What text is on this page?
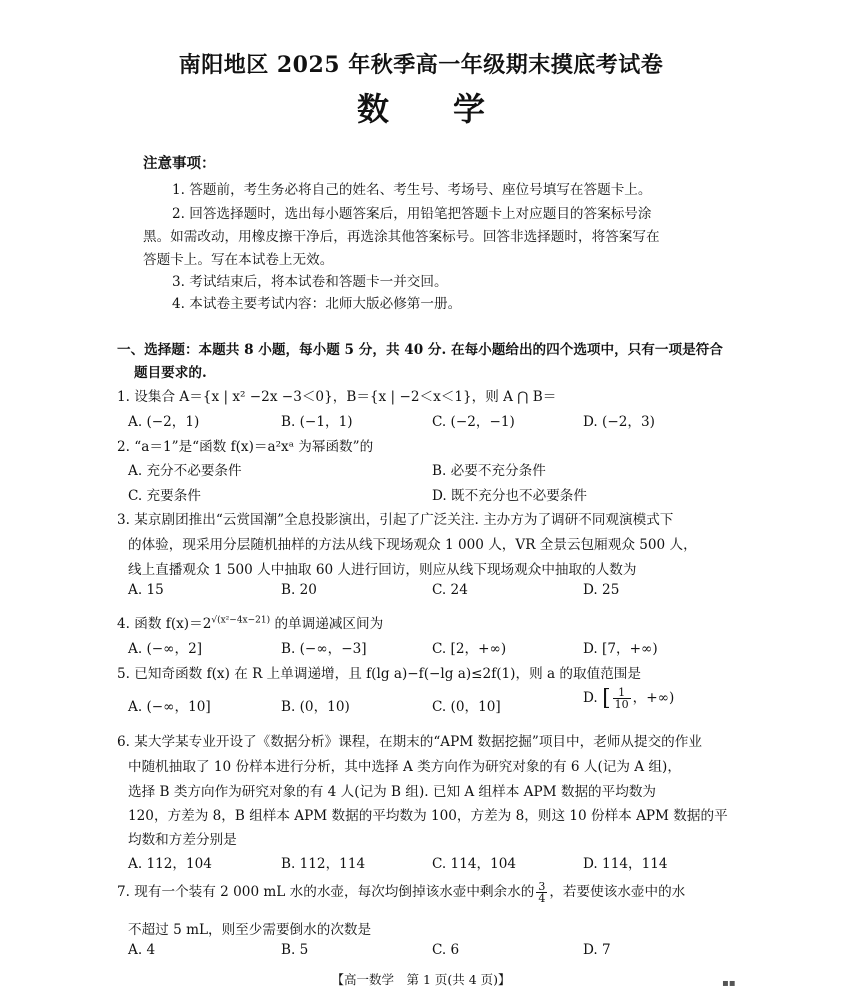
南阳地区 2025 年秋季高一年级期末摸底考试卷
数　　学
注意事项：
1. 答题前，考生务必将自己的姓名、考生号、考场号、座位号填写在答题卡上。
2. 回答选择题时，选出每小题答案后，用铅笔把答题卡上对应题目的答案标号涂
黑。如需改动，用橡皮擦干净后，再选涂其他答案标号。回答非选择题时，将答案写在
答题卡上。写在本试卷上无效。
3. 考试结束后，将本试卷和答题卡一并交回。
4. 本试卷主要考试内容：北师大版必修第一册。
一、选择题：本题共 8 小题，每小题 5 分，共 40 分. 在每小题给出的四个选项中，只有一项是符合
题目要求的.
1. 设集合 A＝{x | x² −2x −3＜0}，B＝{x | −2＜x＜1}，则 A ⋂ B＝
A. (−2，1)	B. (−1，1)	C. (−2，−1)	D. (−2，3)
2. “a＝1”是“函数 f(x)＝a²xᵃ 为幂函数”的
A. 充分不必要条件	B. 必要不充分条件
C. 充要条件	D. 既不充分也不必要条件
3. 某京剧团推出“云赏国潮”全息投影演出，引起了广泛关注. 主办方为了调研不同观演模式下
的体验，现采用分层随机抽样的方法从线下现场观众 1 000 人，VR 全景云包厢观众 500 人，
线上直播观众 1 500 人中抽取 60 人进行回访，则应从线下现场观众中抽取的人数为
A. 15	B. 20	C. 24	D. 25
4. 函数 $f(x)=2^{√(x^2-4x-21)}$ 的单调递减区间为
A. (−∞，2]	B. (−∞，−3]	C. [2，+∞)	D. [7，+∞)
5. 已知奇函数 f(x) 在 R 上单调递增，且 f(lg a)−f(−lg a)≤2f(1)，则 a 的取值范围是
A. (−∞，10]	B. (0，10)	C. (0，10]
D. [ $\frac{1}{10}$ ，+∞)
6. 某大学某专业开设了《数据分析》课程，在期末的“APM 数据挖掘”项目中，老师从提交的作业
中随机抽取了 10 份样本进行分析，其中选择 A 类方向作为研究对象的有 6 人(记为 A 组)，
选择 B 类方向作为研究对象的有 4 人(记为 B 组). 已知 A 组样本 APM 数据的平均数为
120，方差为 8，B 组样本 APM 数据的平均数为 100，方差为 8，则这 10 份样本 APM 数据的平
均数和方差分别是
A. 112，104	B. 112，114	C. 114，104	D. 114，114
7. 现有一个装有 2 000 mL 水的水壶，每次均倒掉该水壶中剩余水的 $\frac{3}{4}$ ，若要使该水壶中的水
不超过 5 mL，则至少需要倒水的次数是
A. 4	B. 5	C. 6	D. 7
【高一数学　第 1 页(共 4 页)】	▪▪
